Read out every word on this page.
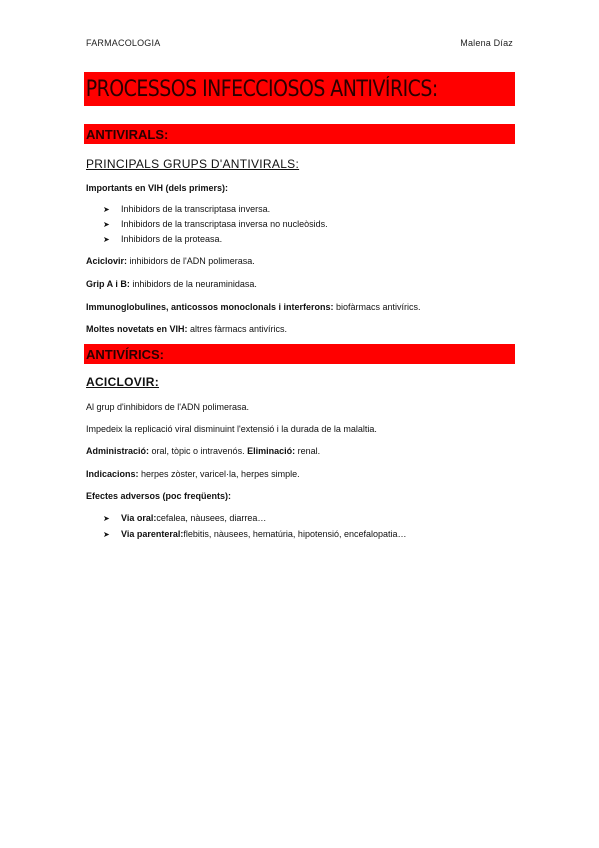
FARMACOLOGIA	Malena Díaz
PROCESSOS INFECCIOSOS ANTIVÍRICS:
ANTIVIRALS:
PRINCIPALS GRUPS D'ANTIVIRALS:
Importants en VIH (dels primers):
➤	Inhibidors de la transcriptasa inversa.
➤	Inhibidors de la transcriptasa inversa no nucleòsids.
➤	Inhibidors de la proteasa.
Aciclovir: inhibidors de l'ADN polimerasa.
Grip A i B: inhibidors de la neuraminidasa.
Immunoglobulines, anticossos monoclonals i interferons: biofàrmacs antivírics.
Moltes novetats en VIH: altres fàrmacs antivírics.
ANTIVÍRICS:
ACICLOVIR:
Al grup d'inhibidors de l'ADN polimerasa.
Impedeix la replicació viral disminuint l'extensió i la durada de la malaltia.
Administració: oral, tòpic o intravenós. Eliminació: renal.
Indicacions: herpes zòster, varicel·la, herpes simple.
Efectes adversos (poc freqüents):
➤	Via oral: cefalea, nàusees, diarrea…
➤	Via parenteral: flebitis, nàusees, hematúria, hipotensió, encefalopatia…
